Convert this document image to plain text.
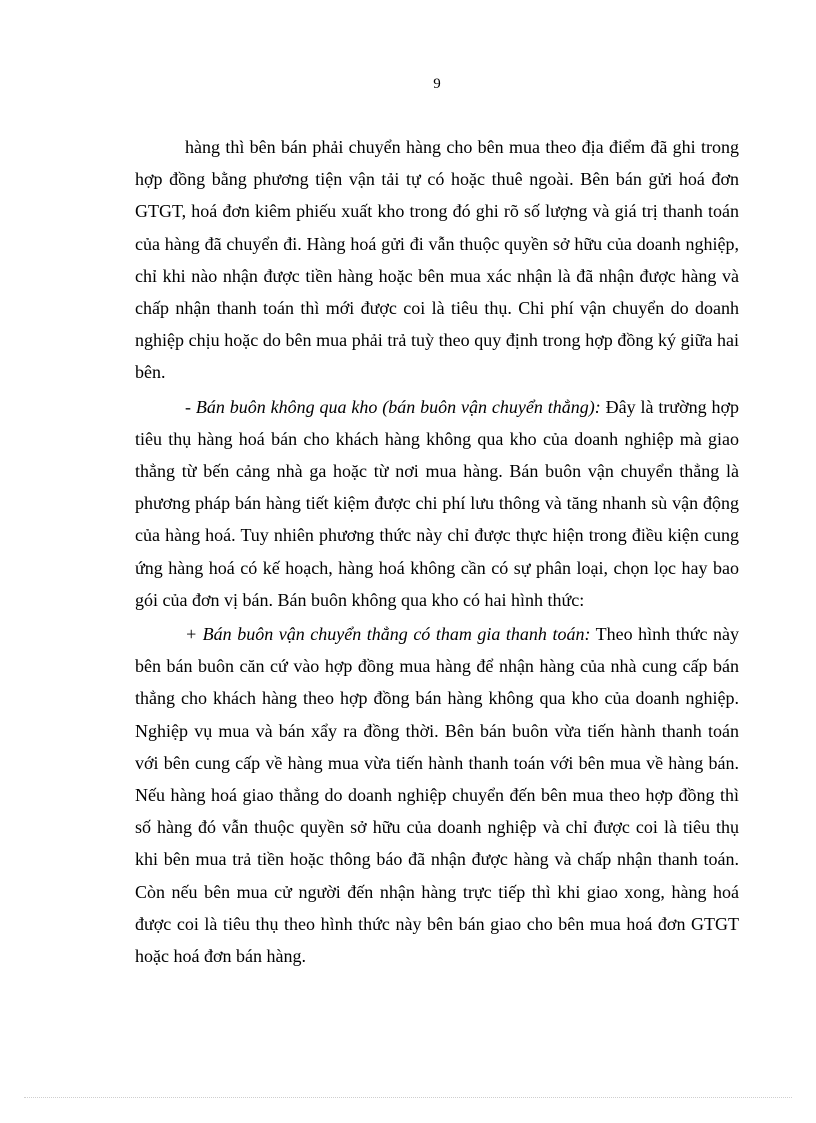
9

hàng thì bên bán phải chuyển hàng cho bên mua theo địa điểm đã ghi trong hợp đồng bằng phương tiện vận tải tự có hoặc thuê ngoài. Bên bán gửi hoá đơn GTGT, hoá đơn kiêm phiếu xuất kho trong đó ghi rõ số lượng và giá trị thanh toán của hàng đã chuyển đi. Hàng hoá gửi đi vẫn thuộc quyền sở hữu của doanh nghiệp, chỉ khi nào nhận được tiền hàng hoặc bên mua xác nhận là đã nhận được hàng và chấp nhận thanh toán thì mới được coi là tiêu thụ. Chi phí vận chuyển do doanh nghiệp chịu hoặc do bên mua phải trả tuỳ theo quy định trong hợp đồng ký giữa hai bên.

- Bán buôn không qua kho (bán buôn vận chuyển thẳng): Đây là trường hợp tiêu thụ hàng hoá bán cho khách hàng không qua kho của doanh nghiệp mà giao thẳng từ bến cảng nhà ga hoặc từ nơi mua hàng. Bán buôn vận chuyển thẳng là phương pháp bán hàng tiết kiệm được chi phí lưu thông và tăng nhanh sù vận động của hàng hoá. Tuy nhiên phương thức này chỉ được thực hiện trong điều kiện cung ứng hàng hoá có kế hoạch, hàng hoá không cần có sự phân loại, chọn lọc hay bao gói của đơn vị bán. Bán buôn không qua kho có hai hình thức:

+ Bán buôn vận chuyển thẳng có tham gia thanh toán: Theo hình thức này bên bán buôn căn cứ vào hợp đồng mua hàng để nhận hàng của nhà cung cấp bán thẳng cho khách hàng theo hợp đồng bán hàng không qua kho của doanh nghiệp. Nghiệp vụ mua và bán xẩy ra đồng thời. Bên bán buôn vừa tiến hành thanh toán với bên cung cấp về hàng mua vừa tiến hành thanh toán với bên mua về hàng bán. Nếu hàng hoá giao thẳng do doanh nghiệp chuyển đến bên mua theo hợp đồng thì số hàng đó vẫn thuộc quyền sở hữu của doanh nghiệp và chỉ được coi là tiêu thụ khi bên mua trả tiền hoặc thông báo đã nhận được hàng và chấp nhận thanh toán. Còn nếu bên mua cử người đến nhận hàng trực tiếp thì khi giao xong, hàng hoá được coi là tiêu thụ theo hình thức này bên bán giao cho bên mua hoá đơn GTGT hoặc hoá đơn bán hàng.
